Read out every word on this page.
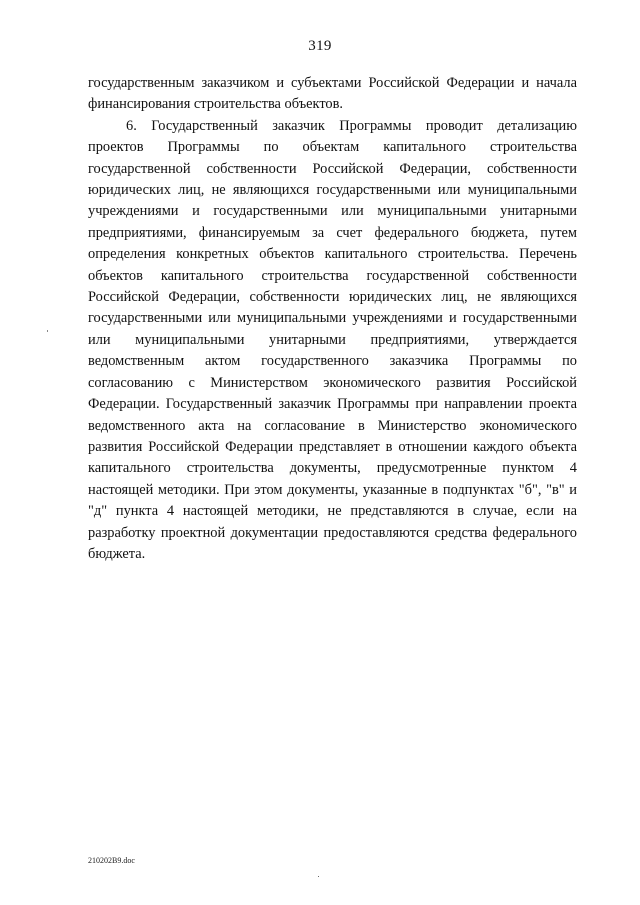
319

государственным заказчиком и субъектами Российской Федерации и начала финансирования строительства объектов.

6. Государственный заказчик Программы проводит детализацию проектов Программы по объектам капитального строительства государственной собственности Российской Федерации, собственности юридических лиц, не являющихся государственными или муниципальными учреждениями и государственными или муниципальными унитарными предприятиями, финансируемым за счет федерального бюджета, путем определения конкретных объектов капитального строительства. Перечень объектов капитального строительства государственной собственности Российской Федерации, собственности юридических лиц, не являющихся государственными или муниципальными учреждениями и государственными или муниципальными унитарными предприятиями, утверждается ведомственным актом государственного заказчика Программы по согласованию с Министерством экономического развития Российской Федерации. Государственный заказчик Программы при направлении проекта ведомственного акта на согласование в Министерство экономического развития Российской Федерации представляет в отношении каждого объекта капитального строительства документы, предусмотренные пунктом 4 настоящей методики. При этом документы, указанные в подпунктах "б", "в" и "д" пункта 4 настоящей методики, не представляются в случае, если на разработку проектной документации предоставляются средства федерального бюджета.

210202В9.doc
